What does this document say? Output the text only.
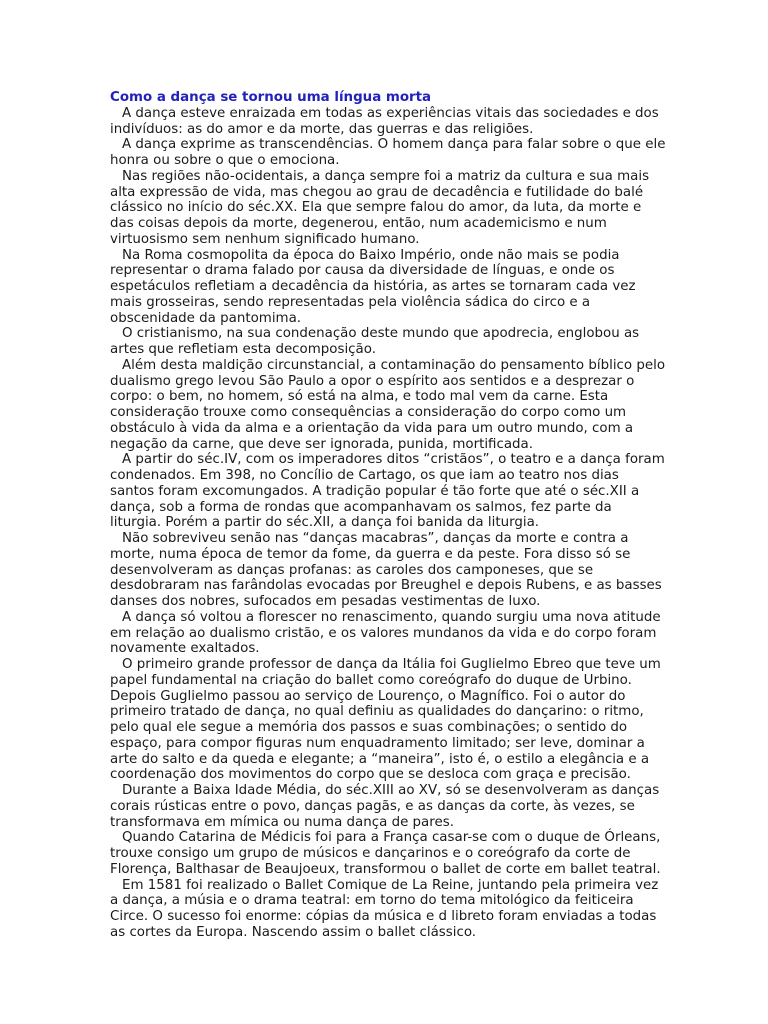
Como a dança se tornou uma língua morta

A dança esteve enraizada em todas as experiências vitais das sociedades e dos indivíduos: as do amor e da morte, das guerras e das religiões.

A dança exprime as transcendências. O homem dança para falar sobre o que ele honra ou sobre o que o emociona.

Nas regiões não-ocidentais, a dança sempre foi a matriz da cultura e sua mais alta expressão de vida, mas chegou ao grau de decadência e futilidade do balé clássico no início do séc.XX. Ela que sempre falou do amor, da luta, da morte e das coisas depois da morte, degenerou, então, num academicismo e num virtuosismo sem nenhum significado humano.

Na Roma cosmopolita da época do Baixo Império, onde não mais se podia representar o drama falado por causa da diversidade de línguas, e onde os espetáculos refletiam a decadência da história, as artes se tornaram cada vez mais grosseiras, sendo representadas pela violência sádica do circo e a obscenidade da pantomima.

O cristianismo, na sua condenação deste mundo que apodrecia, englobou as artes que refletiam esta decomposição.

Além desta maldição circunstancial, a contaminação do pensamento bíblico pelo dualismo grego levou São Paulo a opor o espírito aos sentidos e a desprezar o corpo: o bem, no homem, só está na alma, e todo mal vem da carne. Esta consideração trouxe como consequências a consideração do corpo como um obstáculo à vida da alma e a orientação da vida para um outro mundo, com a negação da carne, que deve ser ignorada, punida, mortificada.

A partir do séc.IV, com os imperadores ditos “cristãos”, o teatro e a dança foram condenados. Em 398, no Concílio de Cartago, os que iam ao teatro nos dias santos foram excomungados. A tradição popular é tão forte que até o séc.XII a dança, sob a forma de rondas que acompanhavam os salmos, fez parte da liturgia. Porém a partir do séc.XII, a dança foi banida da liturgia.

Não sobreviveu senão nas “danças macabras”, danças da morte e contra a morte, numa época de temor da fome, da guerra e da peste. Fora disso só se desenvolveram as danças profanas: as caroles dos camponeses, que se desdobraram nas farândolas evocadas por Breughel e depois Rubens, e as basses danses dos nobres, sufocados em pesadas vestimentas de luxo.

A dança só voltou a florescer no renascimento, quando surgiu uma nova atitude em relação ao dualismo cristão, e os valores mundanos da vida e do corpo foram novamente exaltados.

O primeiro grande professor de dança da Itália foi Guglielmo Ebreo que teve um papel fundamental na criação do ballet como coreógrafo do duque de Urbino. Depois Guglielmo passou ao serviço de Lourenço, o Magnífico. Foi o autor do primeiro tratado de dança, no qual definiu as qualidades do dançarino: o ritmo, pelo qual ele segue a memória dos passos e suas combinações; o sentido do espaço, para compor figuras num enquadramento limitado; ser leve, dominar a arte do salto e da queda e elegante; a “maneira”, isto é, o estilo a elegância e a coordenação dos movimentos do corpo que se desloca com graça e precisão.

Durante a Baixa Idade Média, do séc.XIII ao XV, só se desenvolveram as danças corais rústicas entre o povo, danças pagãs, e as danças da corte, às vezes, se transformava em mímica ou numa dança de pares.

Quando Catarina de Médicis foi para a França casar-se com o duque de Órleans, trouxe consigo um grupo de músicos e dançarinos e o coreógrafo da corte de Florença, Balthasar de Beaujoeux, transformou o ballet de corte em ballet teatral.

Em 1581 foi realizado o Ballet Comique de La Reine, juntando pela primeira vez a dança, a músia e o drama teatral: em torno do tema mitológico da feiticeira Circe. O sucesso foi enorme: cópias da música e d libreto foram enviadas a todas as cortes da Europa. Nascendo assim o ballet clássico.
